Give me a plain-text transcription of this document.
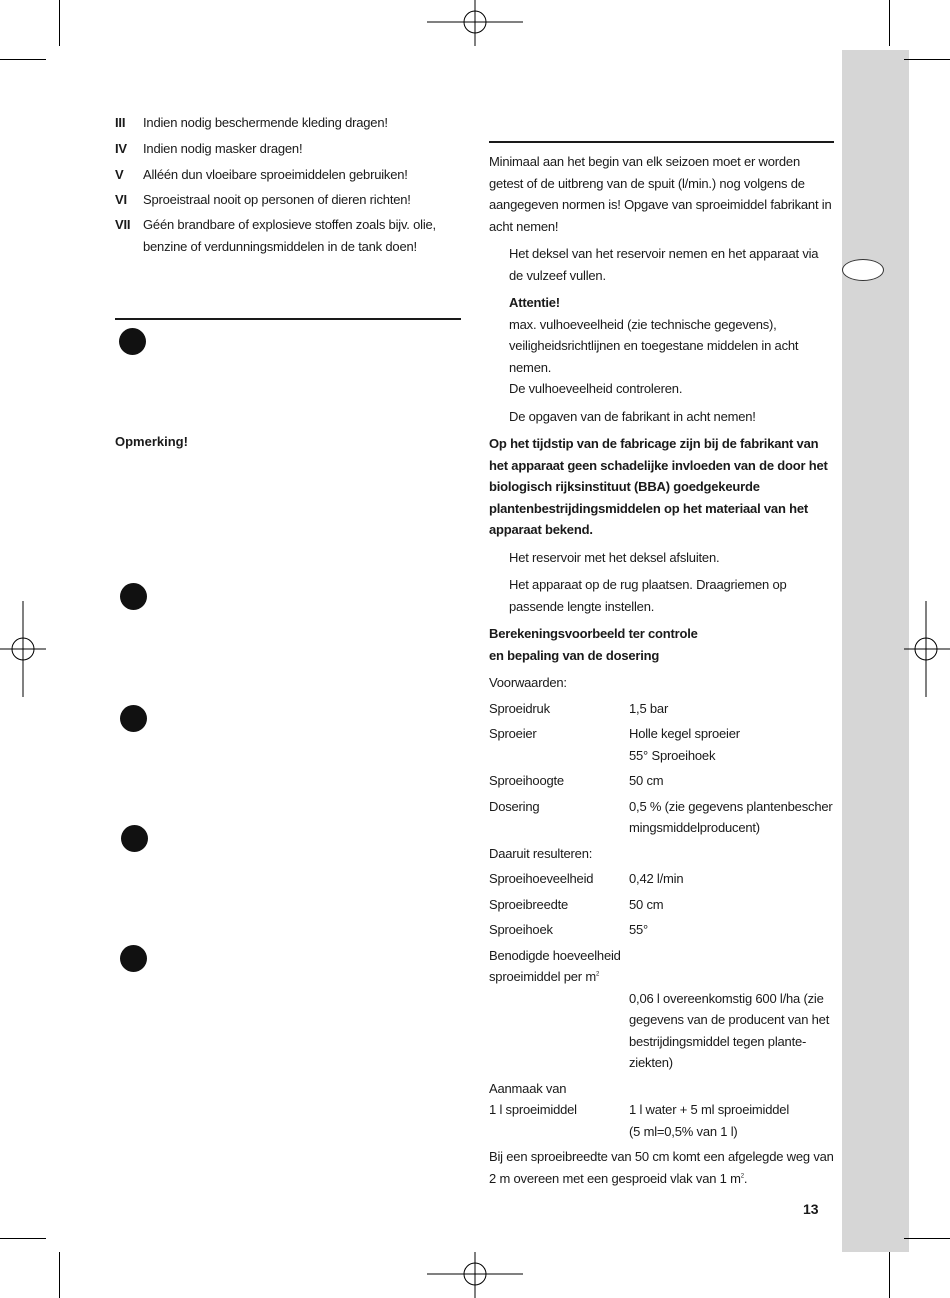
III Indien nodig beschermende kleding dragen!
IV Indien nodig masker dragen!
V Alléén dun vloeibare sproeimiddelen gebruiken!
VI Sproeistraal nooit op personen of dieren richten!
VII Géén brandbare of explosieve stoffen zoals bijv. olie, benzine of verdunningsmiddelen in de tank doen!
Opmerking!

Minimaal aan het begin van elk seizoen moet er worden getest of de uitbreng van de spuit (l/min.) nog volgens de aangegeven normen is! Opgave van sproeimiddel fabrikant in acht nemen!

Het deksel van het reservoir nemen en het apparaat via de vulzeef vullen.

Attentie!

max. vulhoeveelheid (zie technische gegevens), veiligheidsrichtlijnen en toegestane middelen in acht nemen.

De vulhoeveelheid controleren.

De opgaven van de fabrikant in acht nemen!

Op het tijdstip van de fabricage zijn bij de fabrikant van het apparaat geen schadelijke invloeden van de door het biologisch rijksinstituut (BBA) goedgekeurde plantenbestrijdingsmiddelen op het materiaal van het apparaat bekend.

Het reservoir met het deksel afsluiten.

Het apparaat op de rug plaatsen. Draagriemen op passende lengte instellen.

Berekeningsvoorbeeld ter controle

en bepaling van de dosering

Voorwaarden:

Sproeidruk	1,5 bar
Sproeier	Holle kegel sproeier
55° Sproeihoek
Sproeihoogte	50 cm
Dosering	0,5 % (zie gegevens plantenbescher
mingsmiddelproducent)

Daaruit resulteren:

Sproeihoeveelheid	0,42 l/min
Sproeibreedte	50 cm
Sproeihoek	55°

Benodigde hoeveelheid

sproeimiddel per $m^2$

0,06 l overeenkomstig 600 l/ha (zie gegevens van de producent van het bestrijdingsmiddel tegen plante-ziekten)

Aanmaak van

1 l sproeimiddel	1 l water + 5 ml sproeimiddel
(5 ml=0,5% van 1 l)

Bij een sproeibreedte van 50 cm komt een afgelegde weg van 2 m overeen met een gesproeid vlak van 1 $m^2$.

13
